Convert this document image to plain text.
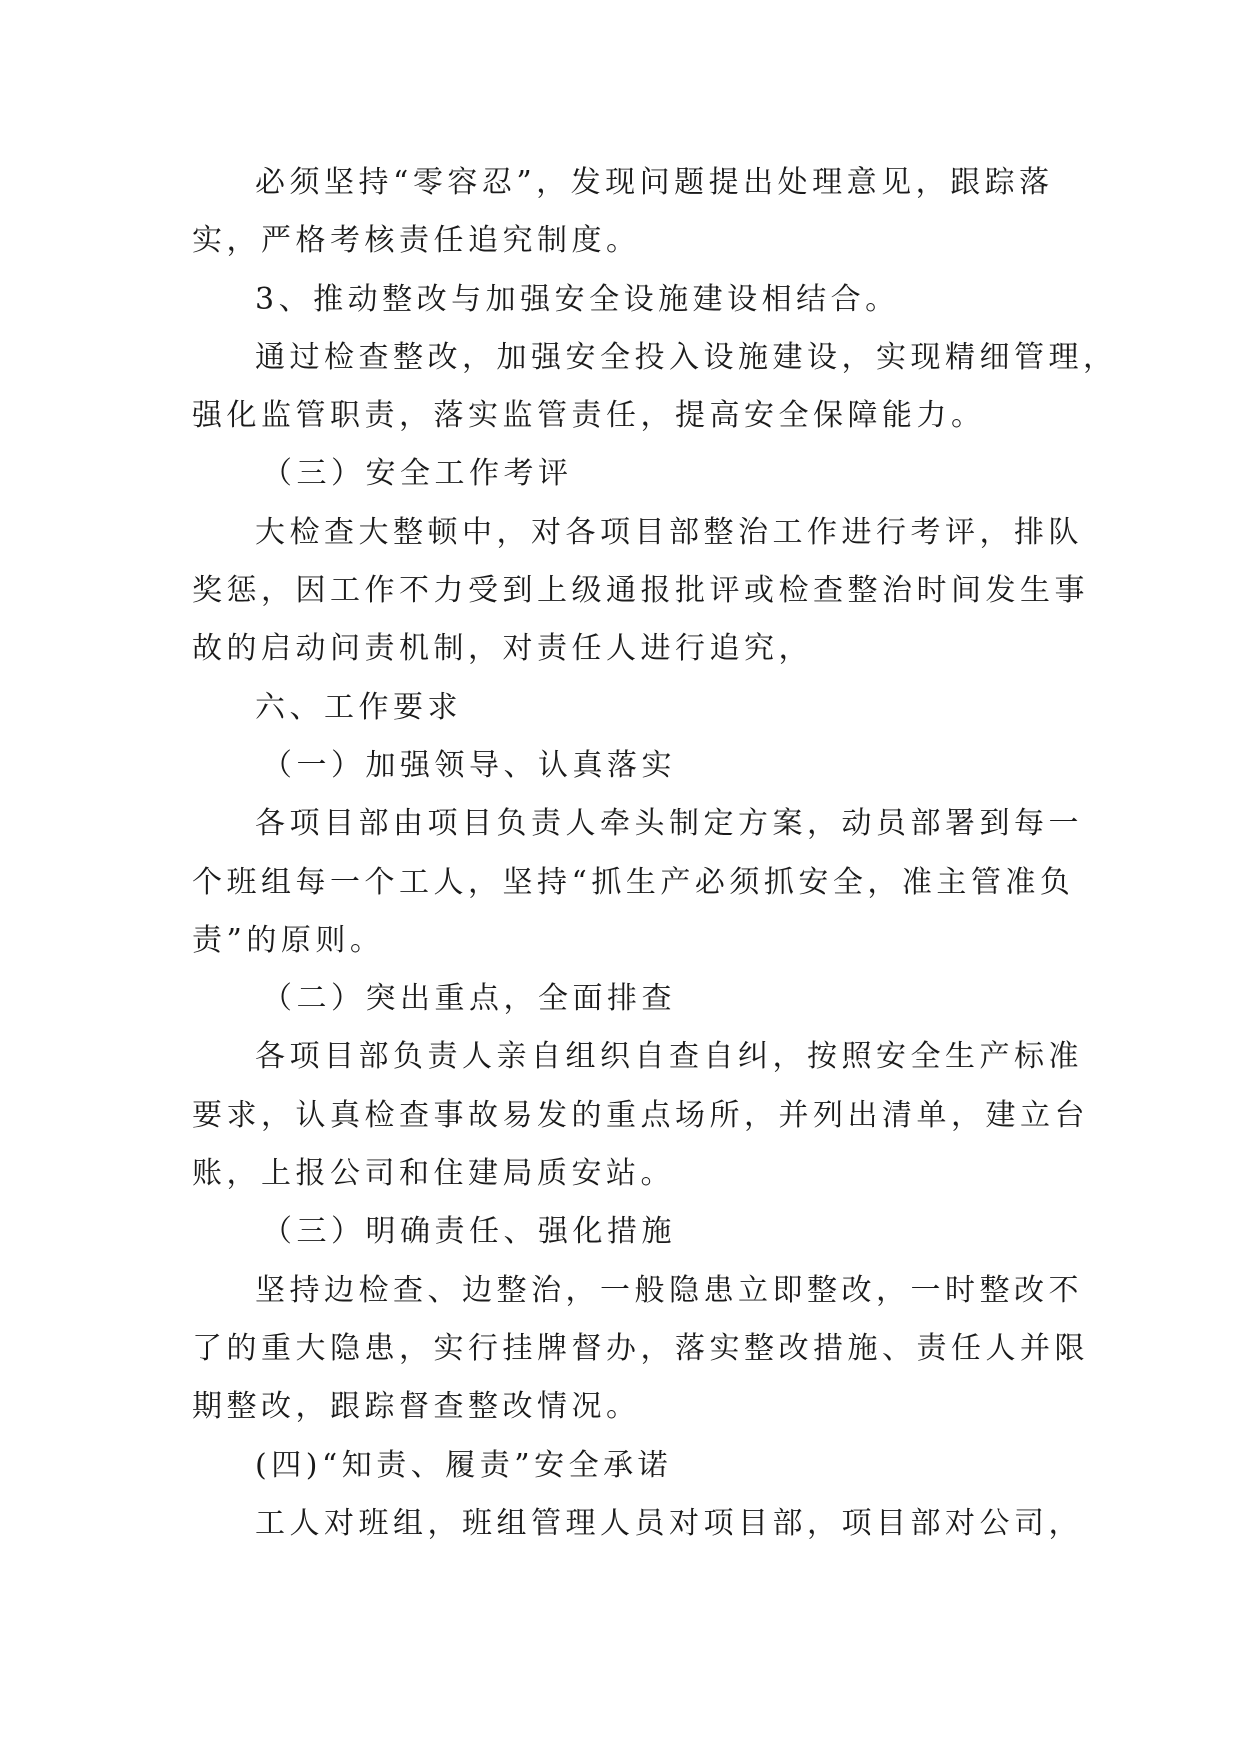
必须坚持“零容忍”，发现问题提出处理意见，跟踪落
实，严格考核责任追究制度。
3、推动整改与加强安全设施建设相结合。
通过检查整改，加强安全投入设施建设，实现精细管理，
强化监管职责，落实监管责任，提高安全保障能力。
（三）安全工作考评
大检查大整顿中，对各项目部整治工作进行考评，排队
奖惩，因工作不力受到上级通报批评或检查整治时间发生事
故的启动问责机制，对责任人进行追究，
六、工作要求
（一）加强领导、认真落实
各项目部由项目负责人牵头制定方案，动员部署到每一
个班组每一个工人，坚持“抓生产必须抓安全，准主管准负
责”的原则。
（二）突出重点，全面排查
各项目部负责人亲自组织自查自纠，按照安全生产标准
要求，认真检查事故易发的重点场所，并列出清单，建立台
账，上报公司和住建局质安站。
（三）明确责任、强化措施
坚持边检查、边整治，一般隐患立即整改，一时整改不
了的重大隐患，实行挂牌督办，落实整改措施、责任人并限
期整改，跟踪督查整改情况。
(四)“知责、履责”安全承诺
工人对班组，班组管理人员对项目部，项目部对公司，
